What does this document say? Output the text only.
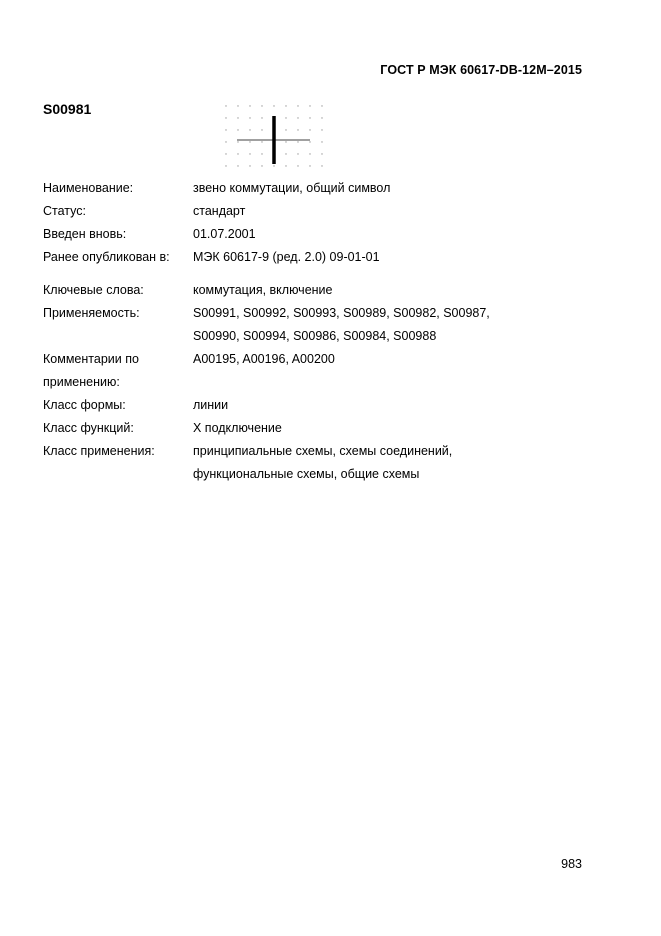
ГОСТ Р МЭК 60617-DB-12M–2015
S00981
Наименование:	звено коммутации, общий символ
Статус:	стандарт
Введен вновь:	01.07.2001
Ранее опубликован в:	МЭК 60617-9 (ред. 2.0) 09-01-01
Ключевые слова:	коммутация, включение
Применяемость:	S00991, S00992, S00993, S00989, S00982, S00987,
S00990, S00994, S00986, S00984, S00988
Комментарии по применению:
A00195, A00196, A00200
Класс формы:	линии
Класс функций:	X подключение
Класс применения:	принципиальные схемы, схемы соединений,
функциональные схемы, общие схемы
983
